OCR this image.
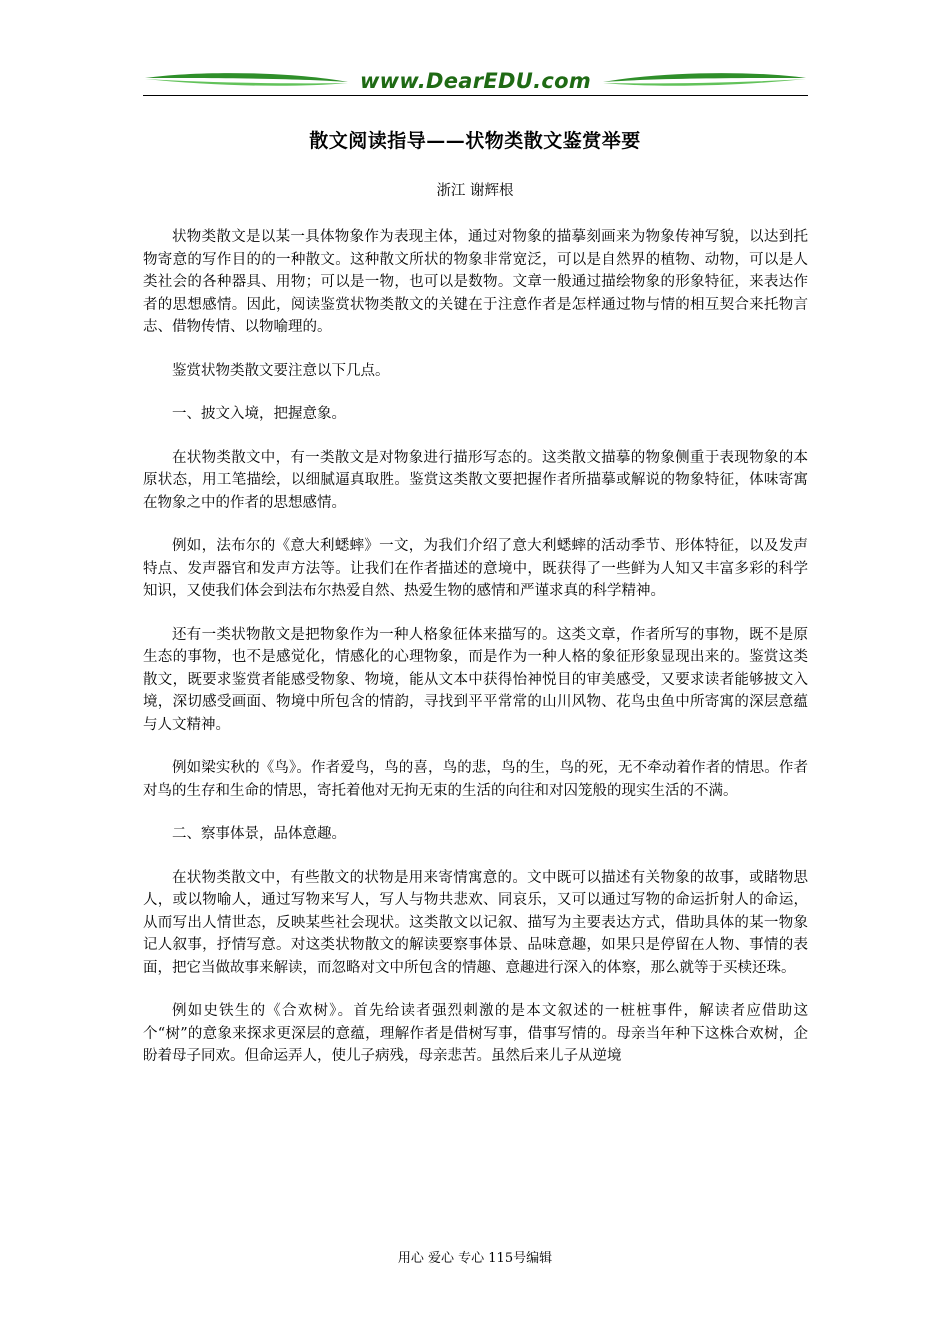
www.DearEDU.com
散文阅读指导——状物类散文鉴赏举要
浙江 谢辉根

状物类散文是以某一具体物象作为表现主体，通过对物象的描摹刻画来为物象传神写貌，以达到托物寄意的写作目的的一种散文。这种散文所状的物象非常宽泛，可以是自然界的植物、动物，可以是人类社会的各种器具、用物；可以是一物，也可以是数物。文章一般通过描绘物象的形象特征，来表达作者的思想感情。因此，阅读鉴赏状物类散文的关键在于注意作者是怎样通过物与情的相互契合来托物言志、借物传情、以物喻理的。

鉴赏状物类散文要注意以下几点。

一、披文入境，把握意象。

在状物类散文中，有一类散文是对物象进行描形写态的。这类散文描摹的物象侧重于表现物象的本原状态，用工笔描绘，以细腻逼真取胜。鉴赏这类散文要把握作者所描摹或解说的物象特征，体味寄寓在物象之中的作者的思想感情。

例如，法布尔的《意大利蟋蟀》一文，为我们介绍了意大利蟋蟀的活动季节、形体特征，以及发声特点、发声器官和发声方法等。让我们在作者描述的意境中，既获得了一些鲜为人知又丰富多彩的科学知识，又使我们体会到法布尔热爱自然、热爱生物的感情和严谨求真的科学精神。

还有一类状物散文是把物象作为一种人格象征体来描写的。这类文章，作者所写的事物，既不是原生态的事物，也不是感觉化，情感化的心理物象，而是作为一种人格的象征形象显现出来的。鉴赏这类散文，既要求鉴赏者能感受物象、物境，能从文本中获得怡神悦目的审美感受，又要求读者能够披文入境，深切感受画面、物境中所包含的情韵，寻找到平平常常的山川风物、花鸟虫鱼中所寄寓的深层意蕴与人文精神。

例如梁实秋的《鸟》。作者爱鸟，鸟的喜，鸟的悲，鸟的生，鸟的死，无不牵动着作者的情思。作者对鸟的生存和生命的情思，寄托着他对无拘无束的生活的向往和对囚笼般的现实生活的不满。

二、察事体景，品体意趣。

在状物类散文中，有些散文的状物是用来寄情寓意的。文中既可以描述有关物象的故事，或睹物思人，或以物喻人，通过写物来写人，写人与物共悲欢、同哀乐，又可以通过写物的命运折射人的命运，从而写出人情世态，反映某些社会现状。这类散文以记叙、描写为主要表达方式，借助具体的某一物象记人叙事，抒情写意。对这类状物散文的解读要察事体景、品味意趣，如果只是停留在人物、事情的表面，把它当做故事来解读，而忽略对文中所包含的情趣、意趣进行深入的体察，那么就等于买椟还珠。

例如史铁生的《合欢树》。首先给读者强烈刺激的是本文叙述的一桩桩事件，解读者应借助这个“树”的意象来探求更深层的意蕴，理解作者是借树写事，借事写情的。母亲当年种下这株合欢树，企盼着母子同欢。但命运弄人，使儿子病残，母亲悲苦。虽然后来儿子从逆境

用心 爱心 专心 115号编辑
